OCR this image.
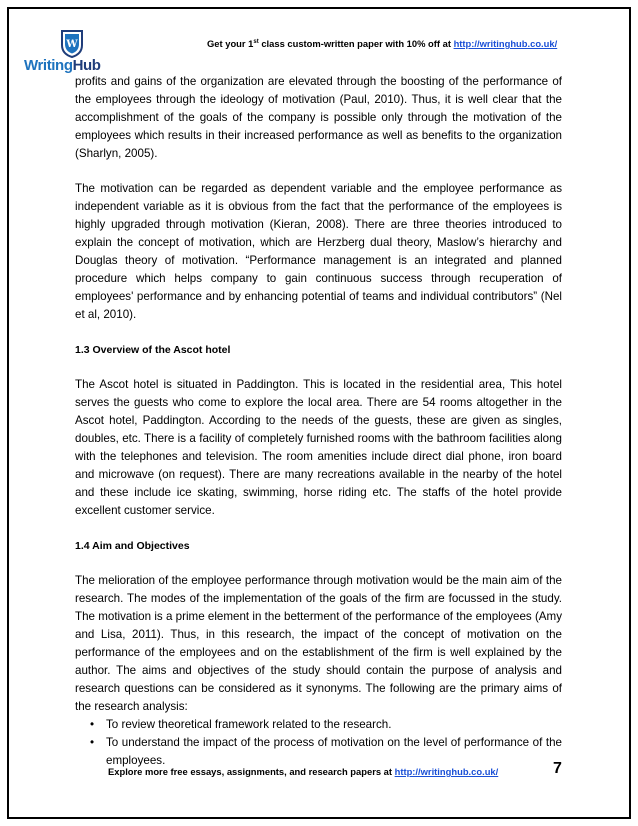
W
WritingHub
Get your 1st class custom-written paper with 10% off at http://writinghub.co.uk/

profits and gains of the organization are elevated through the boosting of the performance of the employees through the ideology of motivation (Paul, 2010). Thus, it is well clear that the accomplishment of the goals of the company is possible only through the motivation of the employees which results in their increased performance as well as benefits to the organization (Sharlyn, 2005).

The motivation can be regarded as dependent variable and the employee performance as independent variable as it is obvious from the fact that the performance of the employees is highly upgraded through motivation (Kieran, 2008). There are three theories introduced to explain the concept of motivation, which are Herzberg dual theory, Maslow’s hierarchy and Douglas theory of motivation. “Performance management is an integrated and planned procedure which helps company to gain continuous success through recuperation of employees' performance and by enhancing potential of teams and individual contributors” (Nel et al, 2010).

1.3 Overview of the Ascot hotel

The Ascot hotel is situated in Paddington. This is located in the residential area, This hotel serves the guests who come to explore the local area. There are 54 rooms altogether in the Ascot hotel, Paddington. According to the needs of the guests, these are given as singles, doubles, etc. There is a facility of completely furnished rooms with the bathroom facilities along with the telephones and television. The room amenities include direct dial phone, iron board and microwave (on request). There are many recreations available in the nearby of the hotel and these include ice skating, swimming, horse riding etc. The staffs of the hotel provide excellent customer service.

1.4 Aim and Objectives

The melioration of the employee performance through motivation would be the main aim of the research. The modes of the implementation of the goals of the firm are focussed in the study. The motivation is a prime element in the betterment of the performance of the employees (Amy and Lisa, 2011). Thus, in this research, the impact of the concept of motivation on the performance of the employees and on the establishment of the firm is well explained by the author. The aims and objectives of the study should contain the purpose of analysis and research questions can be considered as it synonyms. The following are the primary aims of the research analysis:

• To review theoretical framework related to the research.
• To understand the impact of the process of motivation on the level of performance of the employees.
Explore more free essays, assignments, and research papers at http://writinghub.co.uk/	7
